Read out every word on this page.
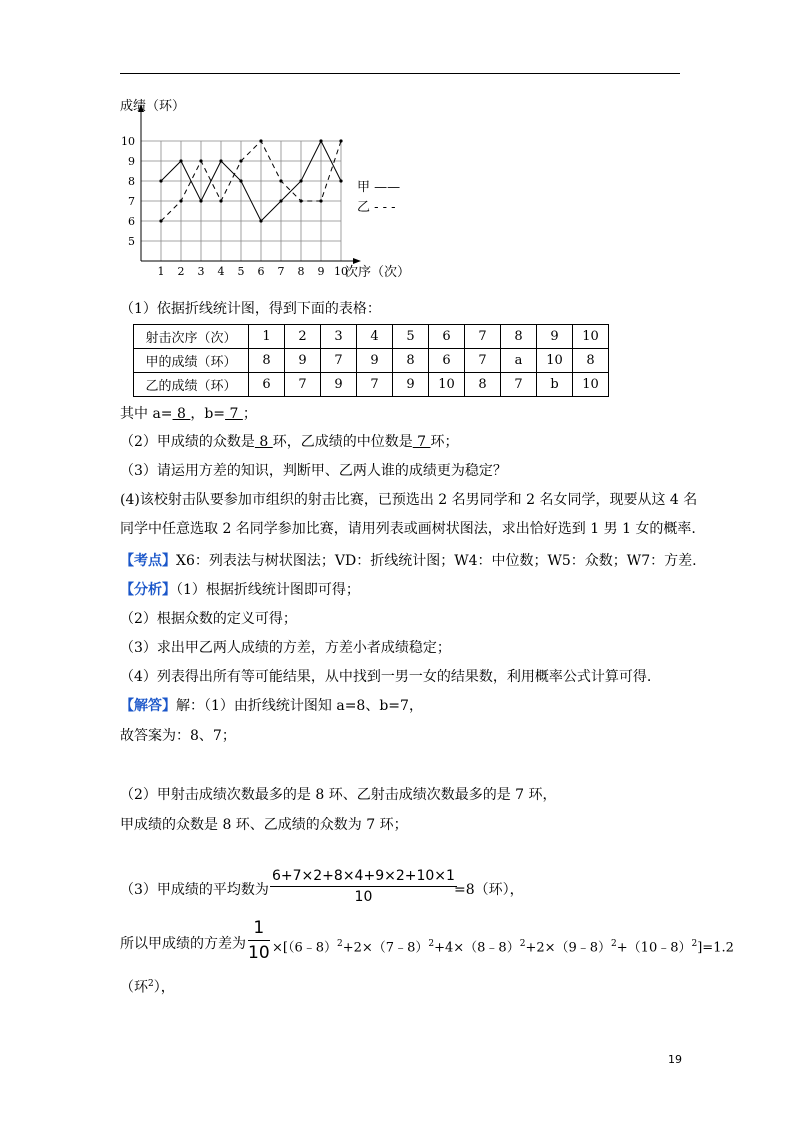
1 2 3 4 5 6 7 8 9 10
5
6
7
8
9
10
成绩（环）
次序（次）
甲 ——
乙 - - -
（1）依据折线统计图，得到下面的表格：
射击次序（次）	1	2	3	4	5	6	7	8	9	10
甲的成绩（环）	8	9	7	9	8	6	7	a	10	8
乙的成绩（环）	6	7	9	7	9	10	8	7	b	10
其中 a= 8 ，b= 7 ；
（2）甲成绩的众数是 8 环，乙成绩的中位数是 7 环；
（3）请运用方差的知识，判断甲、乙两人谁的成绩更为稳定？
(4)该校射击队要参加市组织的射击比赛，已预选出 2 名男同学和 2 名女同学，现要从这 4 名
同学中任意选取 2 名同学参加比赛，请用列表或画树状图法，求出恰好选到 1 男 1 女的概率.
【考点】X6：列表法与树状图法；VD：折线统计图；W4：中位数；W5：众数；W7：方差.
【分析】（1）根据折线统计图即可得；
（2）根据众数的定义可得；
（3）求出甲乙两人成绩的方差，方差小者成绩稳定；
（4）列表得出所有等可能结果，从中找到一男一女的结果数，利用概率公式计算可得.
【解答】解：（1）由折线统计图知 a=8、b=7，
故答案为：8、7；
（2）甲射击成绩次数最多的是 8 环、乙射击成绩次数最多的是 7 环，
甲成绩的众数是 8 环、乙成绩的众数为 7 环；
（3）甲成绩的平均数为 $\frac{6+7\times 2+8\times 4+9\times 2+10\times 1}{10}$
=8（环），
所以甲成绩的方差为 $\frac{1}{10}$ ×[（6﹣8）$^2$+2×（7﹣8）$^2$+4×（8﹣8）$^2$+2×（9﹣8）$^2$+（10﹣8）$^2$]=1.2
（环$^2$），
19
